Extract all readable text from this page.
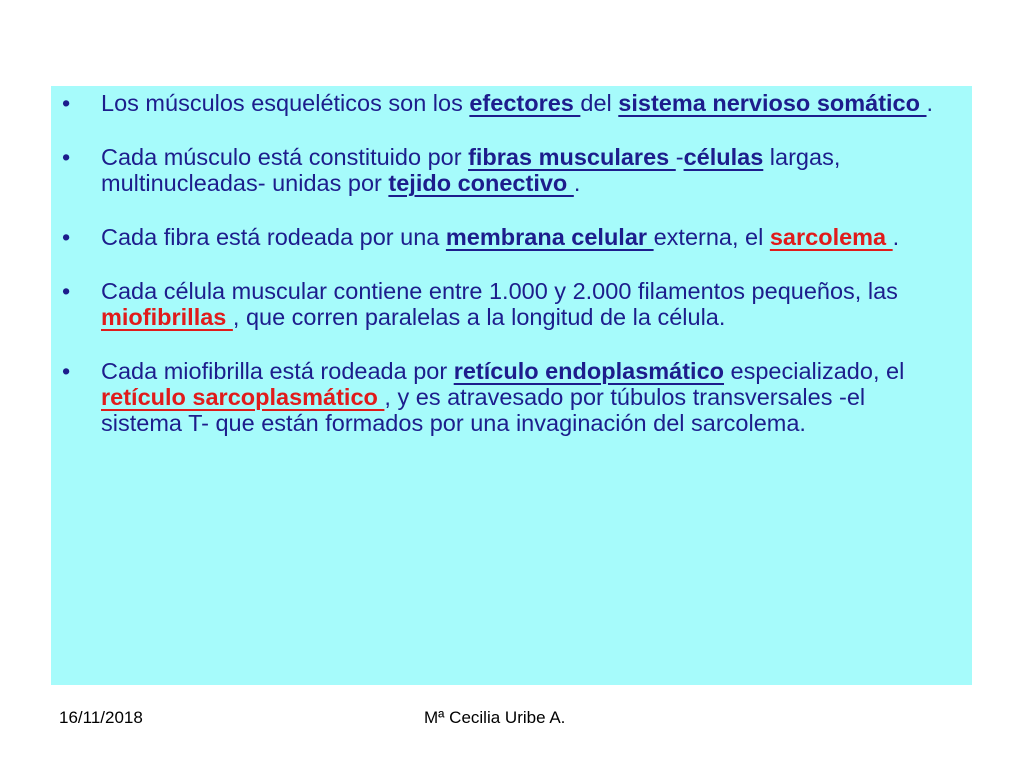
•	Los músculos esqueléticos son los efectores del sistema nervioso somático .
•	Cada músculo está constituido por fibras musculares -células largas, multinucleadas- unidas por tejido conectivo .
•	Cada fibra está rodeada por una membrana celular externa, el sarcolema .
•	Cada célula muscular contiene entre 1.000 y 2.000 filamentos pequeños, las miofibrillas , que corren paralelas a la longitud de la célula.
•	Cada miofibrilla está rodeada por retículo endoplasmático especializado, el retículo sarcoplasmático , y es atravesado por túbulos transversales -el sistema T- que están formados por una invaginación del sarcolema.
16/11/2018	Mª Cecilia Uribe A.
